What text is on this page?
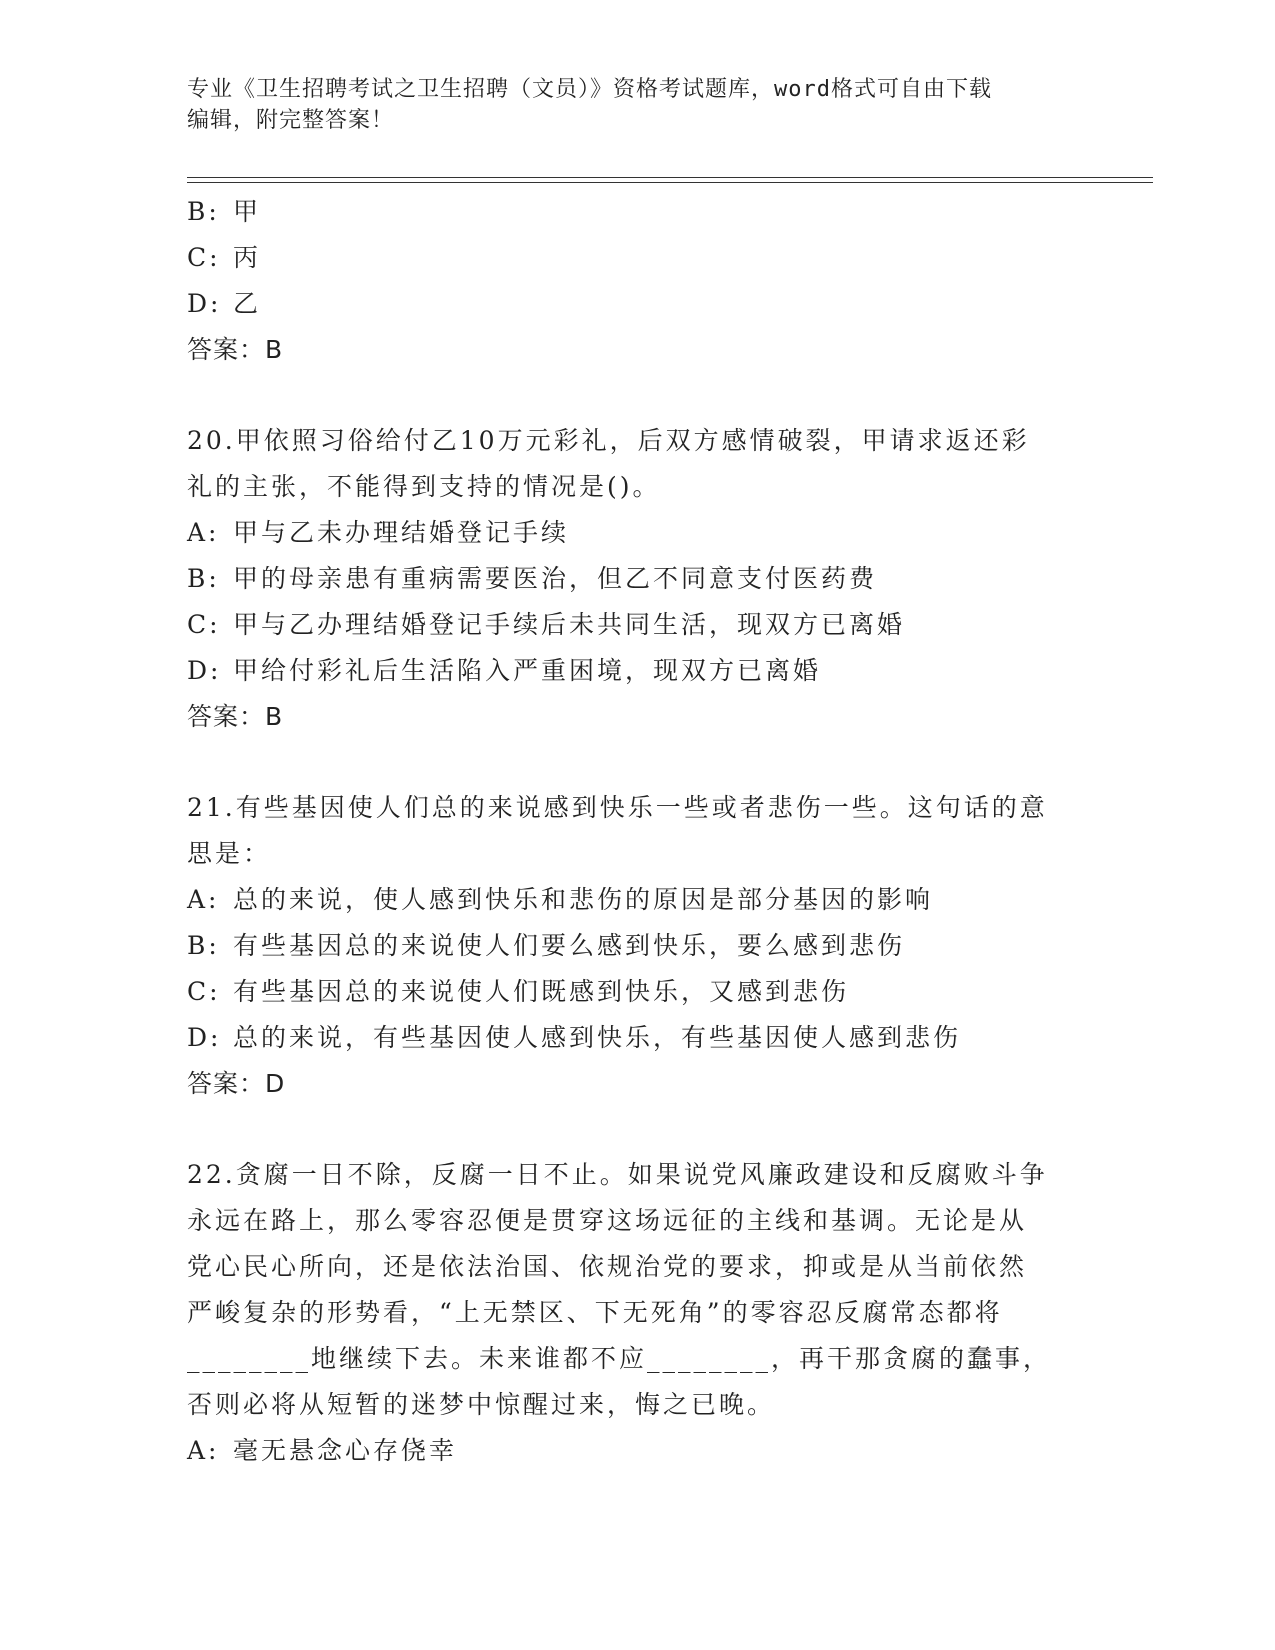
专业《卫生招聘考试之卫生招聘（文员）》资格考试题库，word格式可自由下载
编辑，附完整答案！
B: 甲
C: 丙
D: 乙
答案：B
20.甲依照习俗给付乙10万元彩礼，后双方感情破裂，甲请求返还彩
礼的主张，不能得到支持的情况是()。
A: 甲与乙未办理结婚登记手续
B: 甲的母亲患有重病需要医治，但乙不同意支付医药费
C: 甲与乙办理结婚登记手续后未共同生活，现双方已离婚
D: 甲给付彩礼后生活陷入严重困境，现双方已离婚
答案：B
21.有些基因使人们总的来说感到快乐一些或者悲伤一些。这句话的意
思是：
A: 总的来说，使人感到快乐和悲伤的原因是部分基因的影响
B: 有些基因总的来说使人们要么感到快乐，要么感到悲伤
C: 有些基因总的来说使人们既感到快乐，又感到悲伤
D: 总的来说，有些基因使人感到快乐，有些基因使人感到悲伤
答案：D
22.贪腐一日不除，反腐一日不止。如果说党风廉政建设和反腐败斗争
永远在路上，那么零容忍便是贯穿这场远征的主线和基调。无论是从
党心民心所向，还是依法治国、依规治党的要求，抑或是从当前依然
严峻复杂的形势看，“上无禁区、下无死角”的零容忍反腐常态都将
________地继续下去。未来谁都不应________，再干那贪腐的蠢事，
否则必将从短暂的迷梦中惊醒过来，悔之已晚。
A: 毫无悬念心存侥幸
